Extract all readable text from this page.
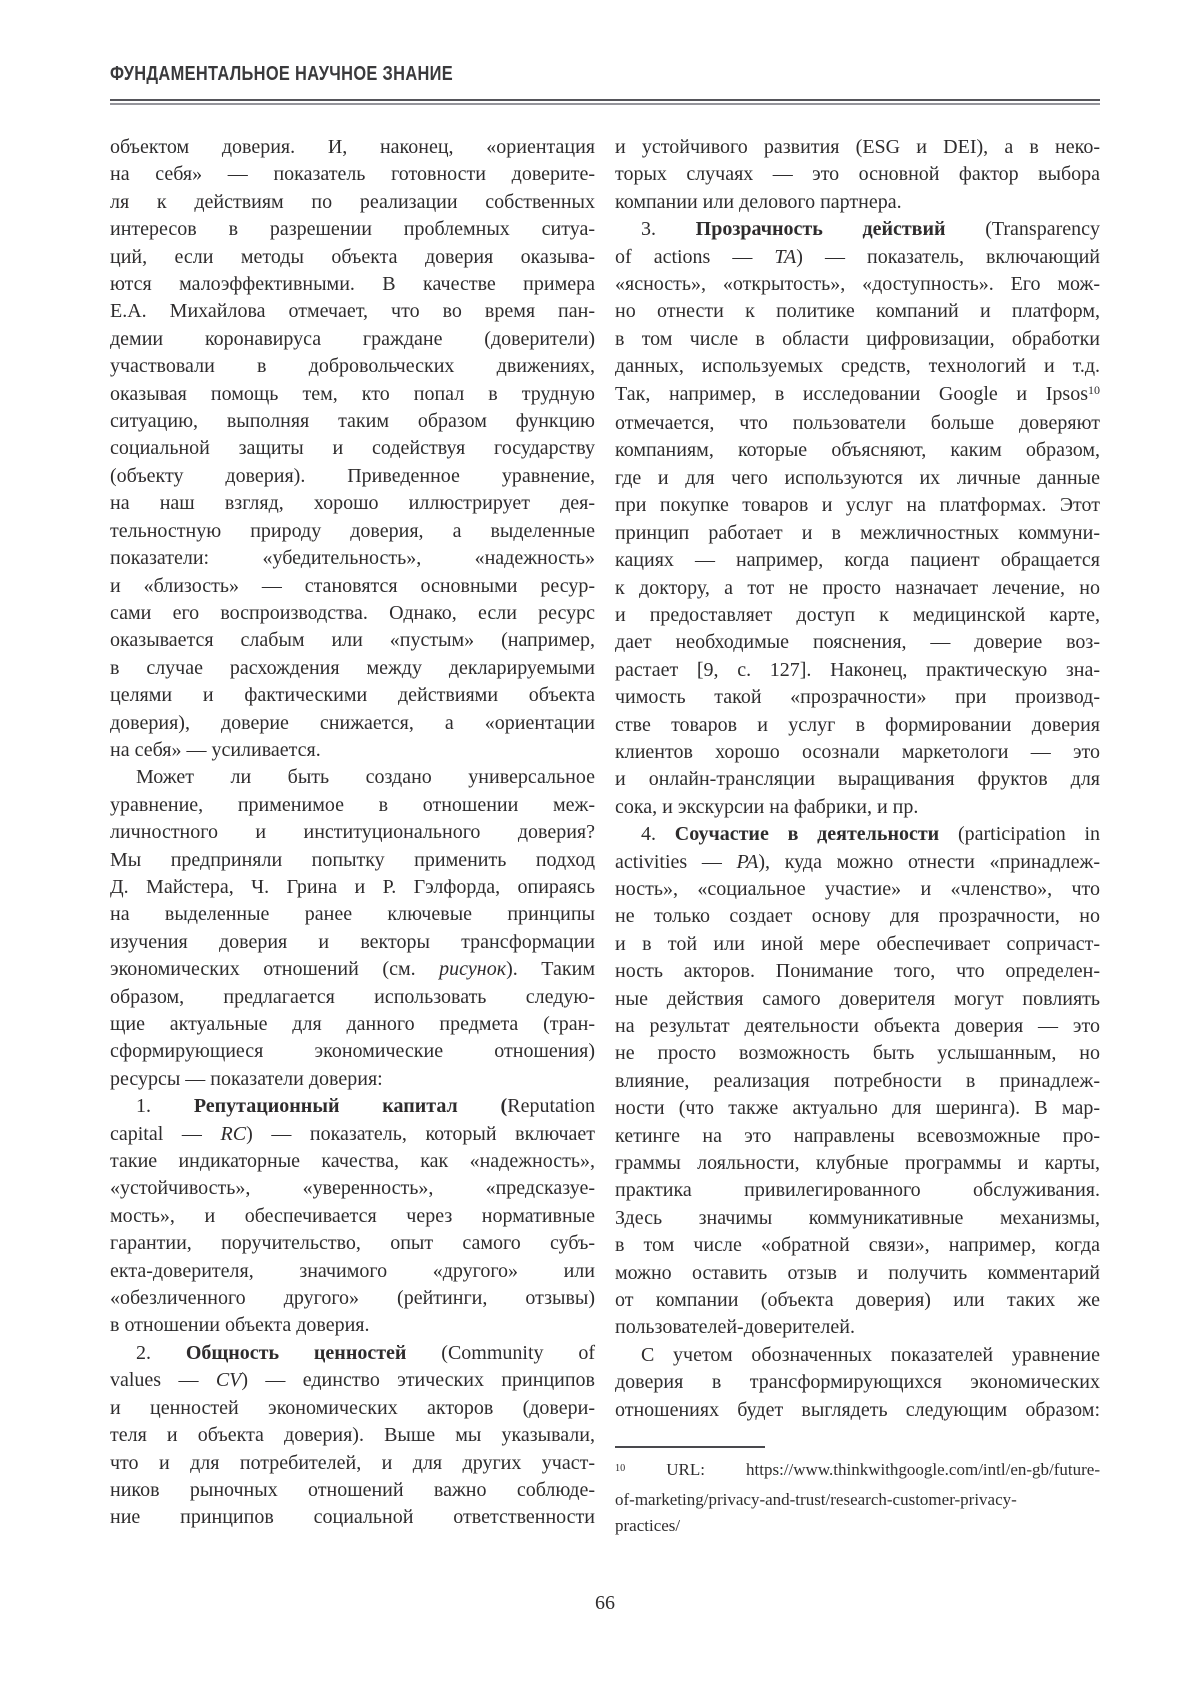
ФУНДАМЕНТАЛЬНОЕ НАУЧНОЕ ЗНАНИЕ
объектом доверия. И, наконец, «ориентация
на себя» — показатель готовности доверите-
ля к действиям по реализации собственных
интересов в разрешении проблемных ситуа-
ций, если методы объекта доверия оказыва-
ются малоэффективными. В качестве примера
Е.А. Михайлова отмечает, что во время пан-
демии коронавируса граждане (доверители)
участвовали в добровольческих движениях,
оказывая помощь тем, кто попал в трудную
ситуацию, выполняя таким образом функцию
социальной защиты и содействуя государству
(объекту доверия). Приведенное уравнение,
на наш взгляд, хорошо иллюстрирует дея-
тельностную природу доверия, а выделенные
показатели: «убедительность», «надежность»
и «близость» — становятся основными ресур-
сами его воспроизводства. Однако, если ресурс
оказывается слабым или «пустым» (например,
в случае расхождения между декларируемыми
целями и фактическими действиями объекта
доверия), доверие снижается, а «ориентации
на себя» — усиливается.
Может ли быть создано универсальное
уравнение, применимое в отношении меж-
личностного и институционального доверия?
Мы предприняли попытку применить подход
Д. Майстера, Ч. Грина и Р. Гэлфорда, опираясь
на выделенные ранее ключевые принципы
изучения доверия и векторы трансформации
экономических отношений (см. рисунок). Таким
образом, предлагается использовать следую-
щие актуальные для данного предмета (тран-
сформирующиеся экономические отношения)
ресурсы — показатели доверия:
1. Репутационный капитал (Reputation
capital — RC) — показатель, который включает
такие индикаторные качества, как «надежность»,
«устойчивость», «уверенность», «предсказуе-
мость», и обеспечивается через нормативные
гарантии, поручительство, опыт самого субъ-
екта-доверителя, значимого «другого» или
«обезличенного другого» (рейтинги, отзывы)
в отношении объекта доверия.
2. Общность ценностей (Community of
values — CV) — единство этических принципов
и ценностей экономических акторов (довери-
теля и объекта доверия). Выше мы указывали,
что и для потребителей, и для других участ-
ников рыночных отношений важно соблюде-
ние принципов социальной ответственности
и устойчивого развития (ESG и DEI), а в неко-
торых случаях — это основной фактор выбора
компании или делового партнера.
3. Прозрачность действий (Transparency
of actions — TA) — показатель, включающий
«ясность», «открытость», «доступность». Его мож-
но отнести к политике компаний и платформ,
в том числе в области цифровизации, обработки
данных, используемых средств, технологий и т.д.
Так, например, в исследовании Google и Ipsos$^{10}$
отмечается, что пользователи больше доверяют
компаниям, которые объясняют, каким образом,
где и для чего используются их личные данные
при покупке товаров и услуг на платформах. Этот
принцип работает и в межличностных коммуни-
кациях — например, когда пациент обращается
к доктору, а тот не просто назначает лечение, но
и предоставляет доступ к медицинской карте,
дает необходимые пояснения, — доверие воз-
растает [9, с. 127]. Наконец, практическую зна-
чимость такой «прозрачности» при производ-
стве товаров и услуг в формировании доверия
клиентов хорошо осознали маркетологи — это
и онлайн-трансляции выращивания фруктов для
сока, и экскурсии на фабрики, и пр.
4. Соучастие в деятельности (participation in
activities — PA), куда можно отнести «принадлеж-
ность», «социальное участие» и «членство», что
не только создает основу для прозрачности, но
и в той или иной мере обеспечивает сопричаст-
ность акторов. Понимание того, что определен-
ные действия самого доверителя могут повлиять
на результат деятельности объекта доверия — это
не просто возможность быть услышанным, но
влияние, реализация потребности в принадлеж-
ности (что также актуально для шеринга). В мар-
кетинге на это направлены всевозможные про-
граммы лояльности, клубные программы и карты,
практика привилегированного обслуживания.
Здесь значимы коммуникативные механизмы,
в том числе «обратной связи», например, когда
можно оставить отзыв и получить комментарий
от компании (объекта доверия) или таких же
пользователей-доверителей.
С учетом обозначенных показателей уравнение
доверия в трансформирующихся экономических
отношениях будет выглядеть следующим образом:
$^{10}$ URL: https://www.thinkwithgoogle.com/intl/en-gb/future-
of-marketing/privacy-and-trust/research-customer-privacy-
practices/
66
